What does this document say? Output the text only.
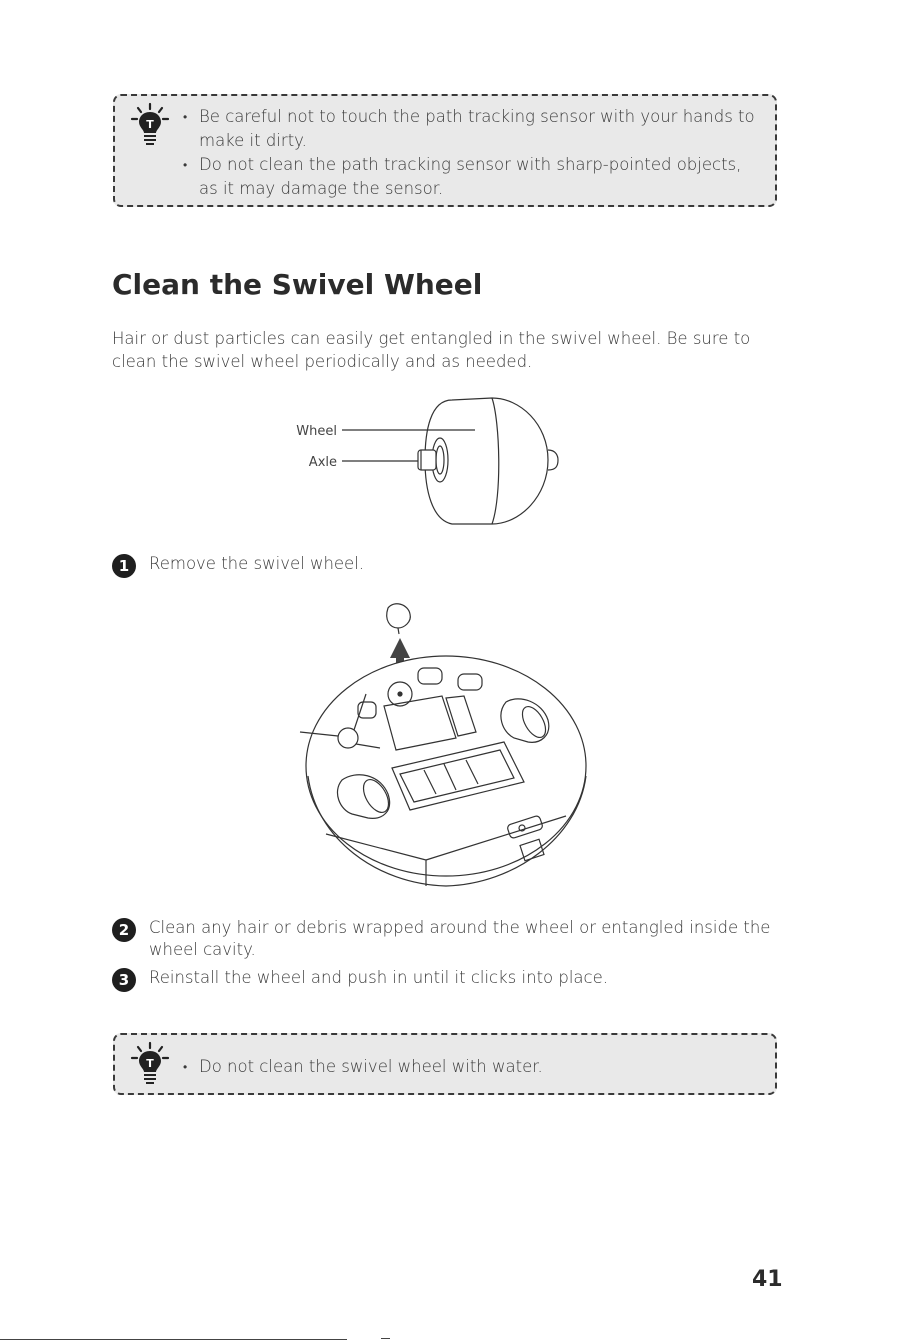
T	• Be careful not to touch the path tracking sensor with your hands to make it dirty.
• Do not clean the path tracking sensor with sharp-pointed objects, as it may damage the sensor.
Clean the Swivel Wheel

Hair or dust particles can easily get entangled in the swivel wheel. Be sure to clean the swivel wheel periodically and as needed.

Wheel
Axle
1	Remove the swivel wheel.
2	Clean any hair or debris wrapped around the wheel or entangled inside the wheel cavity.
3	Reinstall the wheel and push in until it clicks into place.
T	• Do not clean the swivel wheel with water.
41
